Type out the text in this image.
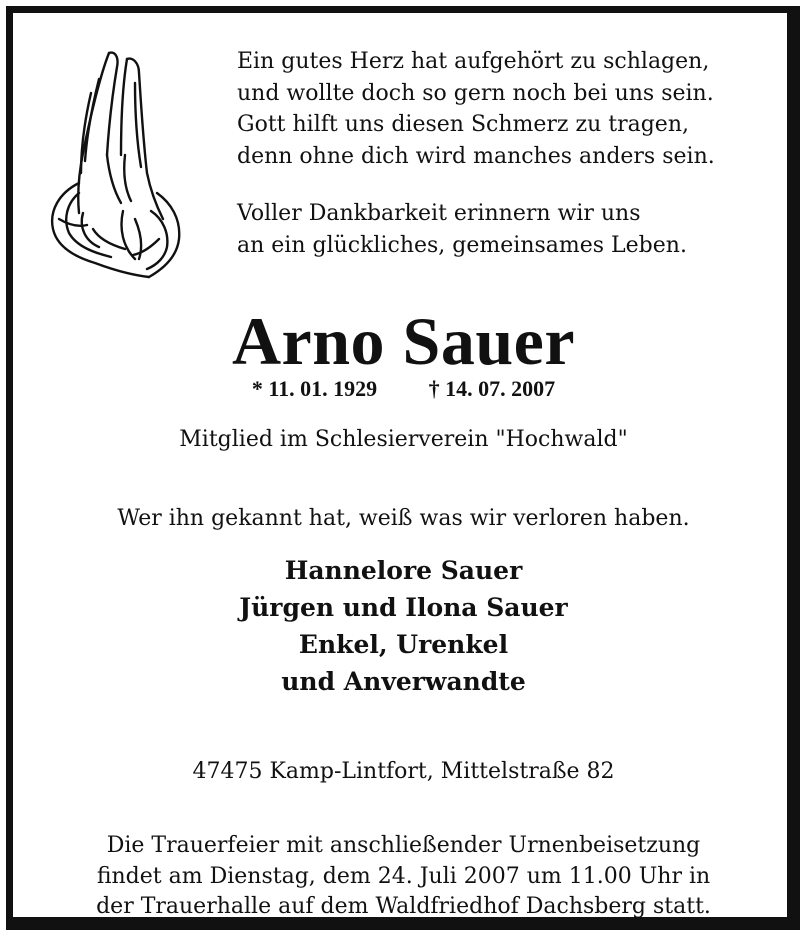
Ein gutes Herz hat aufgehört zu schlagen,
und wollte doch so gern noch bei uns sein.
Gott hilft uns diesen Schmerz zu tragen,
denn ohne dich wird manches anders sein.
Voller Dankbarkeit erinnern wir uns
an ein glückliches, gemeinsames Leben.
Arno Sauer
* 11. 01. 1929 † 14. 07. 2007
Mitglied im Schlesierverein "Hochwald"
Wer ihn gekannt hat, weiß was wir verloren haben.
Hannelore Sauer
Jürgen und Ilona Sauer
Enkel, Urenkel
und Anverwandte
47475 Kamp-Lintfort, Mittelstraße 82
Die Trauerfeier mit anschließender Urnenbeisetzung
findet am Dienstag, dem 24. Juli 2007 um 11.00 Uhr in
der Trauerhalle auf dem Waldfriedhof Dachsberg statt.
